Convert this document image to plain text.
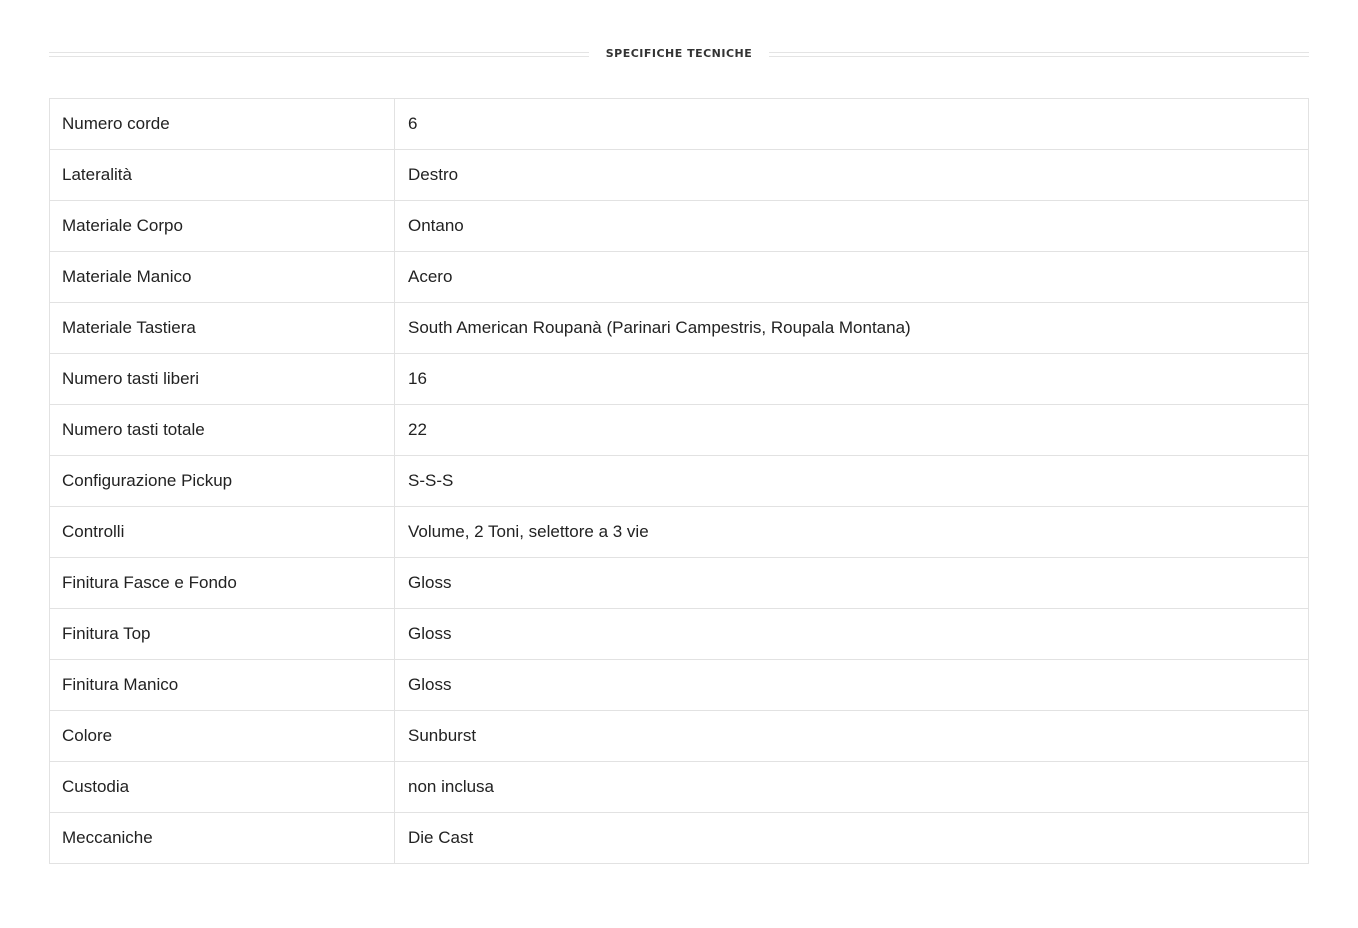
SPECIFICHE TECNICHE
Numero corde	6
Lateralità	Destro
Materiale Corpo	Ontano
Materiale Manico	Acero
Materiale Tastiera	South American Roupanà (Parinari Campestris, Roupala Montana)
Numero tasti liberi	16
Numero tasti totale	22
Configurazione Pickup	S-S-S
Controlli	Volume, 2 Toni, selettore a 3 vie
Finitura Fasce e Fondo	Gloss
Finitura Top	Gloss
Finitura Manico	Gloss
Colore	Sunburst
Custodia	non inclusa
Meccaniche	Die Cast
